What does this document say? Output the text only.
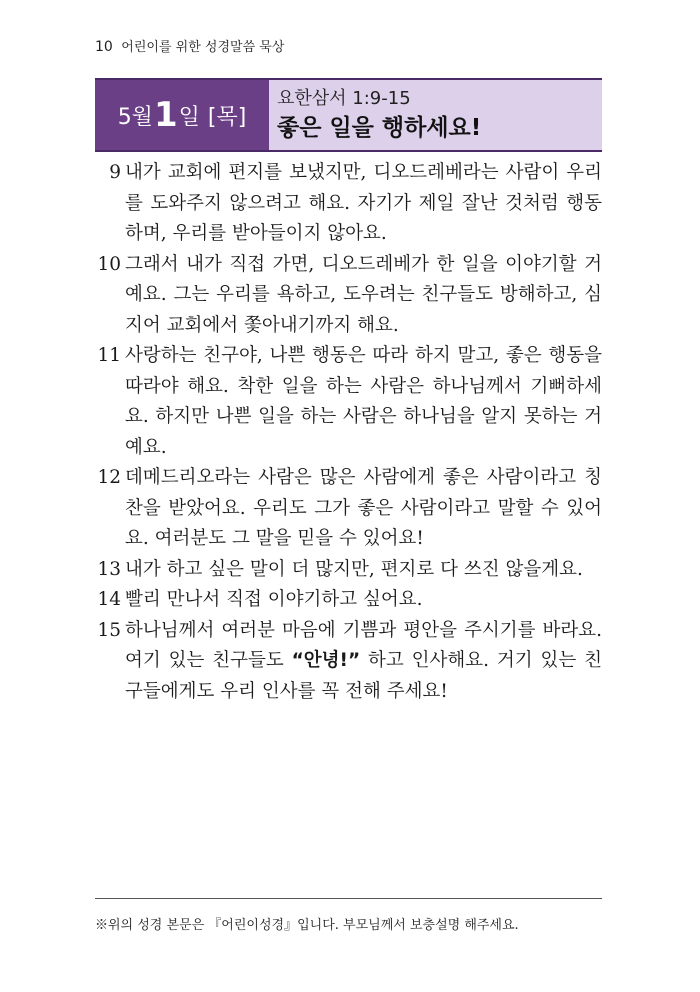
10 어린이를 위한 성경말씀 묵상
5월 1 일 [목]
요한삼서 1:9-15
좋은 일을 행하세요!
9 내가 교회에 편지를 보냈지만, 디오드레베라는 사람이 우리를 도와주지 않으려고 해요. 자기가 제일 잘난 것처럼 행동하며, 우리를 받아들이지 않아요.
10 그래서 내가 직접 가면, 디오드레베가 한 일을 이야기할 거예요. 그는 우리를 욕하고, 도우려는 친구들도 방해하고, 심지어 교회에서 쫓아내기까지 해요.
11 사랑하는 친구야, 나쁜 행동은 따라 하지 말고, 좋은 행동을 따라야 해요. 착한 일을 하는 사람은 하나님께서 기뻐하세요. 하지만 나쁜 일을 하는 사람은 하나님을 알지 못하는 거예요.
12 데메드리오라는 사람은 많은 사람에게 좋은 사람이라고 칭찬을 받았어요. 우리도 그가 좋은 사람이라고 말할 수 있어요. 여러분도 그 말을 믿을 수 있어요!
13 내가 하고 싶은 말이 더 많지만, 편지로 다 쓰진 않을게요.
14 빨리 만나서 직접 이야기하고 싶어요.
15 하나님께서 여러분 마음에 기쁨과 평안을 주시기를 바라요. 여기 있는 친구들도 “안녕!” 하고 인사해요. 거기 있는 친구들에게도 우리 인사를 꼭 전해 주세요!
※위의 성경 본문은 『어린이성경』입니다. 부모님께서 보충설명 해주세요.
